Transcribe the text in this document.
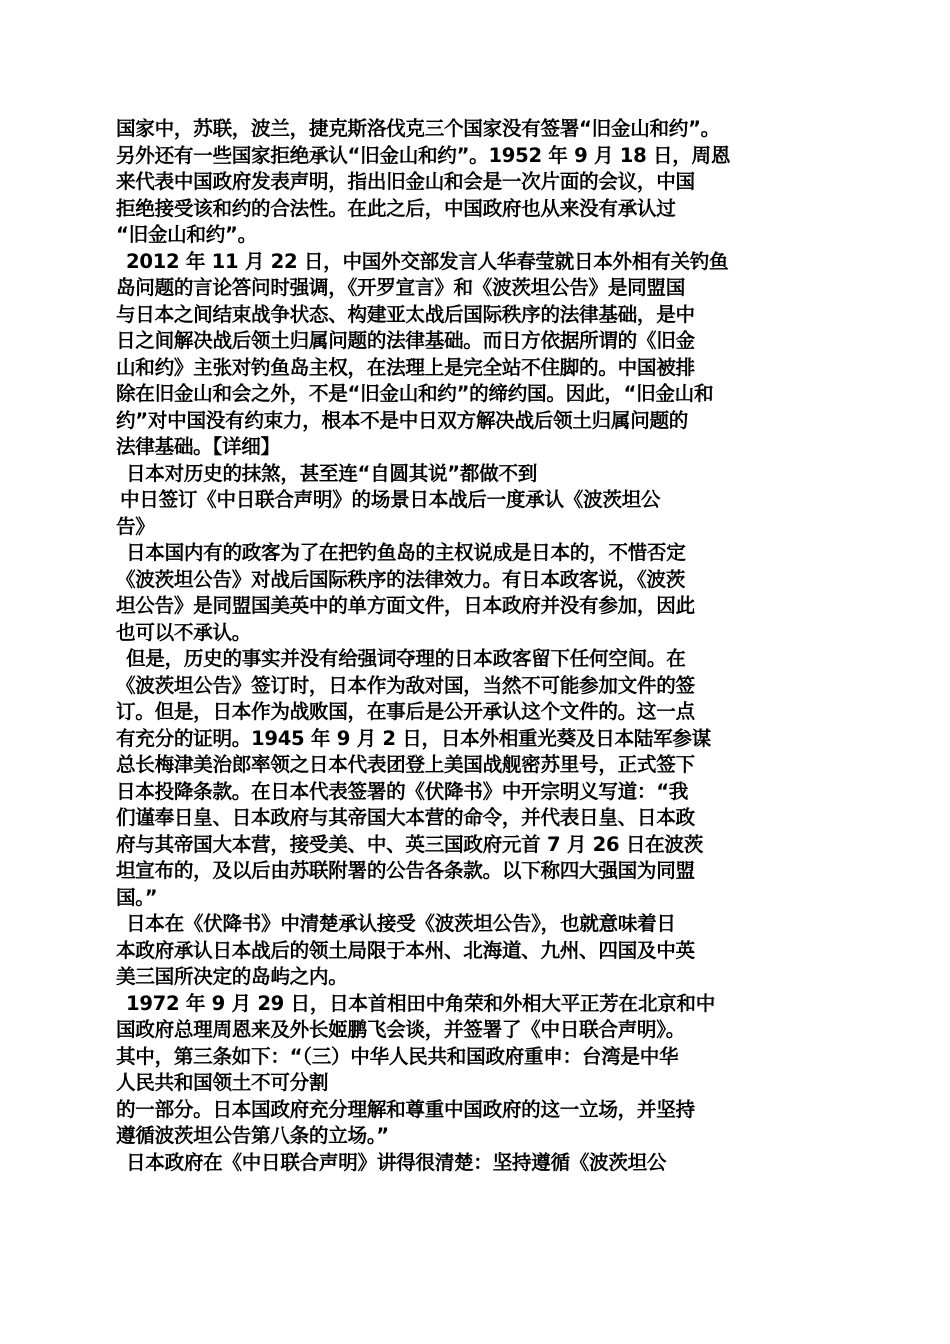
国家中，苏联，波兰，捷克斯洛伐克三个国家没有签署“旧金山和约”。
另外还有一些国家拒绝承认“旧金山和约”。1952 年 9 月 18 日，周恩
来代表中国政府发表声明，指出旧金山和会是一次片面的会议，中国
拒绝接受该和约的合法性。在此之后，中国政府也从来没有承认过
“旧金山和约”。
2012 年 11 月 22 日，中国外交部发言人华春莹就日本外相有关钓鱼
岛问题的言论答问时强调，《开罗宣言》和《波茨坦公告》是同盟国
与日本之间结束战争状态、构建亚太战后国际秩序的法律基础，是中
日之间解决战后领土归属问题的法律基础。而日方依据所谓的《旧金
山和约》主张对钓鱼岛主权，在法理上是完全站不住脚的。中国被排
除在旧金山和会之外，不是“旧金山和约”的缔约国。因此，“旧金山和
约”对中国没有约束力，根本不是中日双方解决战后领土归属问题的
法律基础。【详细】
日本对历史的抹煞，甚至连“自圆其说”都做不到
中日签订《中日联合声明》的场景日本战后一度承认《波茨坦公
告》
日本国内有的政客为了在把钓鱼岛的主权说成是日本的，不惜否定
《波茨坦公告》对战后国际秩序的法律效力。有日本政客说，《波茨
坦公告》是同盟国美英中的单方面文件，日本政府并没有参加，因此
也可以不承认。
但是，历史的事实并没有给强词夺理的日本政客留下任何空间。在
《波茨坦公告》签订时，日本作为敌对国，当然不可能参加文件的签
订。但是，日本作为战败国，在事后是公开承认这个文件的。这一点
有充分的证明。1945 年 9 月 2 日，日本外相重光葵及日本陆军参谋
总长梅津美治郎率领之日本代表团登上美国战舰密苏里号，正式签下
日本投降条款。在日本代表签署的《伏降书》中开宗明义写道：“我
们谨奉日皇、日本政府与其帝国大本营的命令，并代表日皇、日本政
府与其帝国大本营，接受美、中、英三国政府元首 7 月 26 日在波茨
坦宣布的，及以后由苏联附署的公告各条款。以下称四大强国为同盟
国。”
日本在《伏降书》中清楚承认接受《波茨坦公告》，也就意味着日
本政府承认日本战后的领土局限于本州、北海道、九州、四国及中英
美三国所决定的岛屿之内。
1972 年 9 月 29 日，日本首相田中角荣和外相大平正芳在北京和中
国政府总理周恩来及外长姬鹏飞会谈，并签署了《中日联合声明》。
其中，第三条如下：“（三）中华人民共和国政府重申：台湾是中华
人民共和国领土不可分割
的一部分。日本国政府充分理解和尊重中国政府的这一立场，并坚持
遵循波茨坦公告第八条的立场。”
日本政府在《中日联合声明》讲得很清楚：坚持遵循《波茨坦公
